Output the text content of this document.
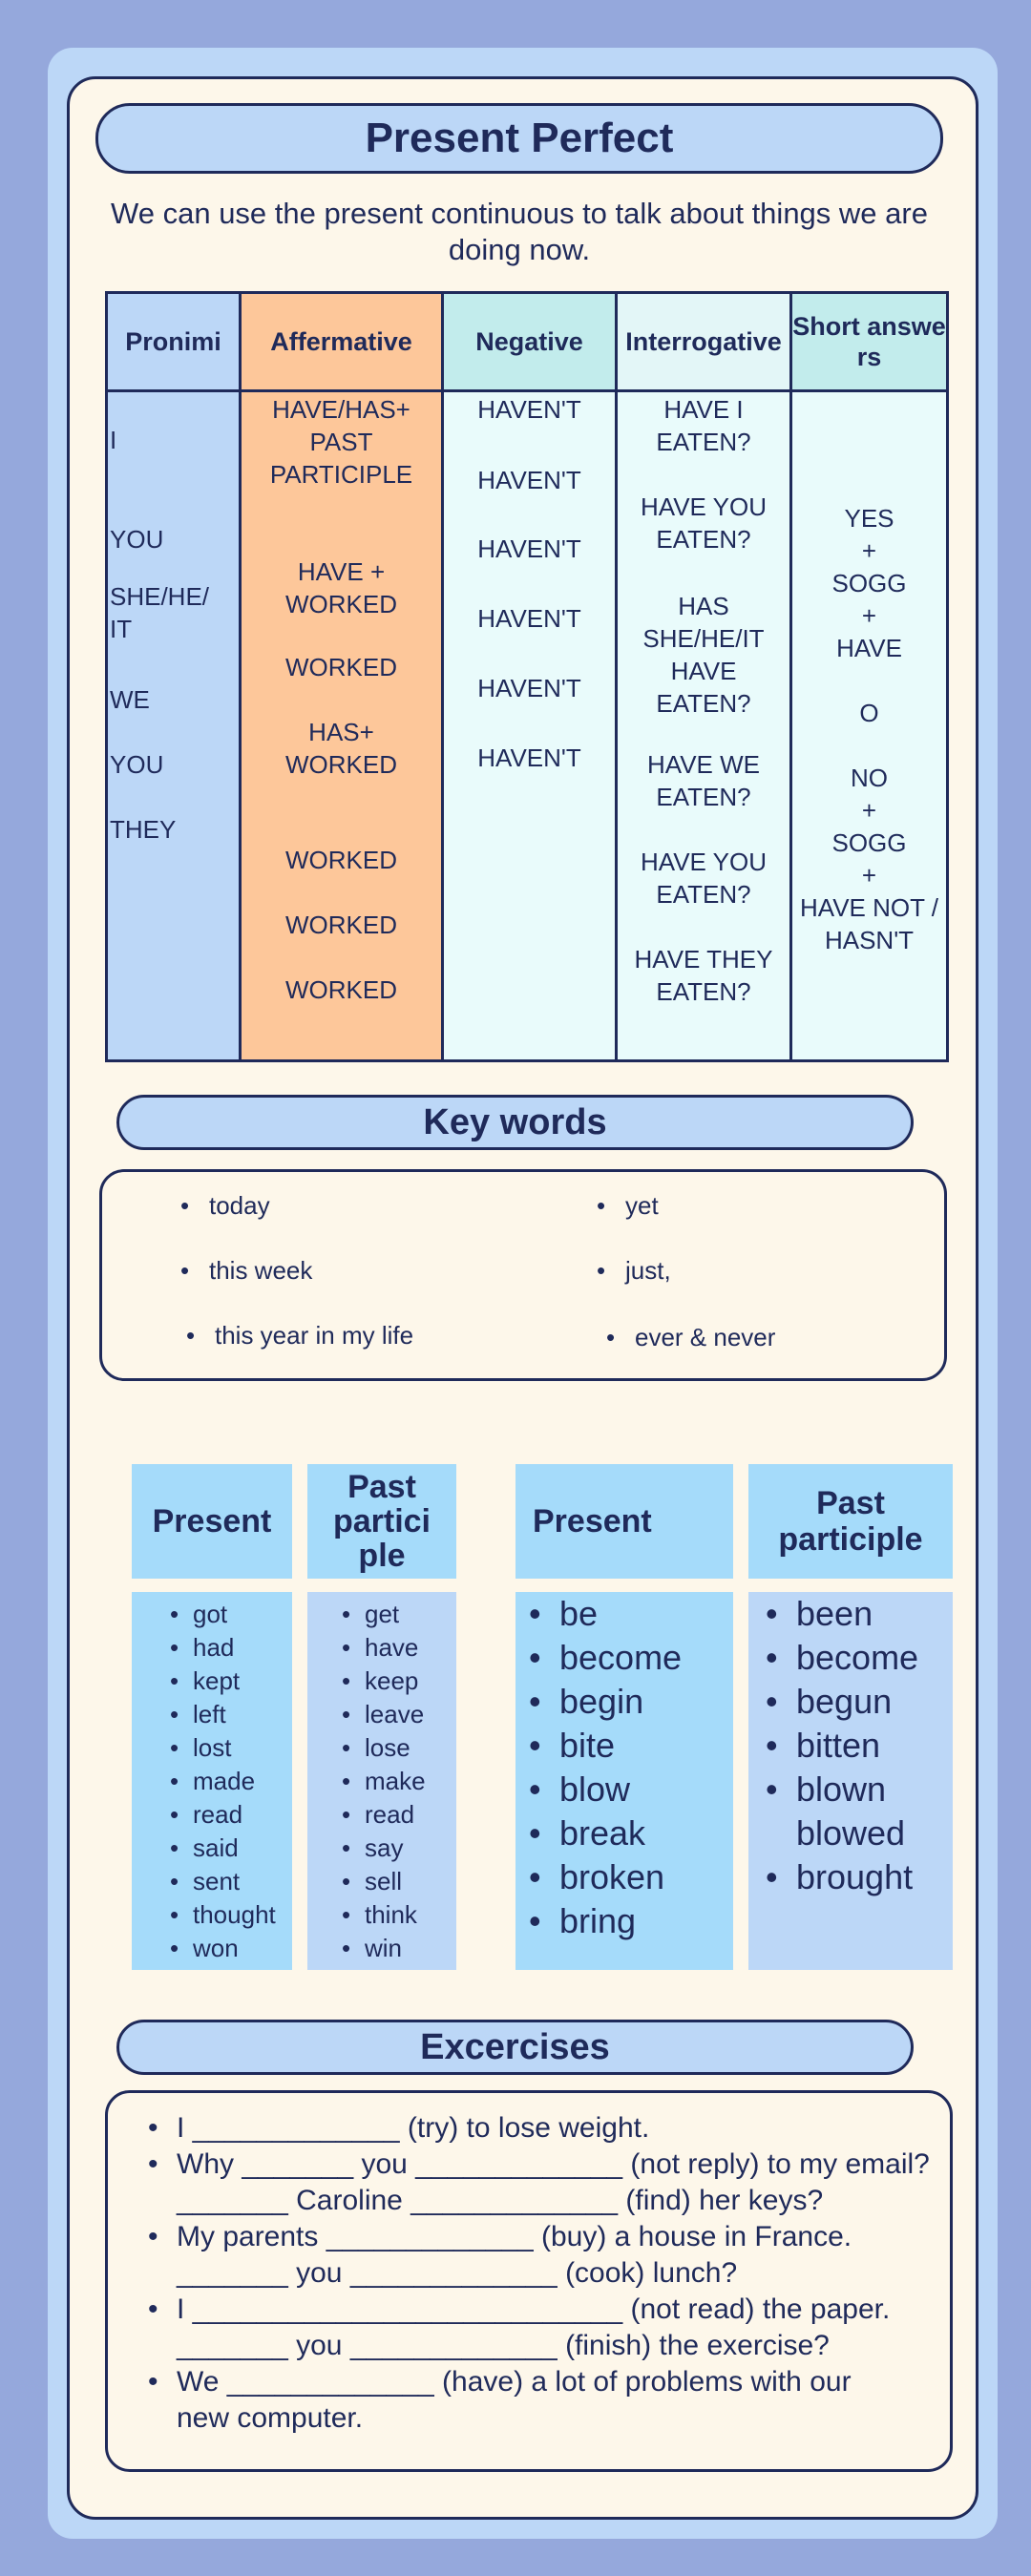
Present Perfect
We can use the present continuous to talk about things we are doing now.
Pronimi
I
YOU
SHE/HE/
IT
WE
YOU
THEY
Affermative
HAVE/HAS+
PAST
PARTICIPLE
HAVE +
WORKED
WORKED
HAS+
WORKED
WORKED
WORKED
WORKED
Negative
HAVEN'T
HAVEN'T
HAVEN'T
HAVEN'T
HAVEN'T
HAVEN'T
Interrogative
HAVE I
EATEN?
HAVE YOU
EATEN?
HAS
SHE/HE/IT
HAVE
EATEN?
HAVE WE
EATEN?
HAVE YOU
EATEN?
HAVE THEY
EATEN?
Short answers
YES
+
SOGG
+
HAVE
O
NO
+
SOGG
+
HAVE NOT /
HASN'T
Key words
• today
• this week
• this year in my life
• yet
• just,
• ever & never
Present
Past
partici
ple
• got
• had
• kept
• left
• lost
• made
• read
• said
• sent
• thought
• won
• get
• have
• keep
• leave
• lose
• make
• read
• say
• sell
• think
• win
Present	Past
participle
• be
• become
• begin
• bite
• blow
• break
• broken
• bring
• been
• become
• begun
• bitten
• blown
blowed
• brought
Excercises
• I _____________ (try) to lose weight.
• Why _______ you _____________ (not reply) to my email?
_______ Caroline _____________ (find) her keys?
• My parents _____________ (buy) a house in France.
_______ you _____________ (cook) lunch?
• I ___________________________ (not read) the paper.
_______ you _____________ (finish) the exercise?
• We _____________ (have) a lot of problems with our
new computer.
